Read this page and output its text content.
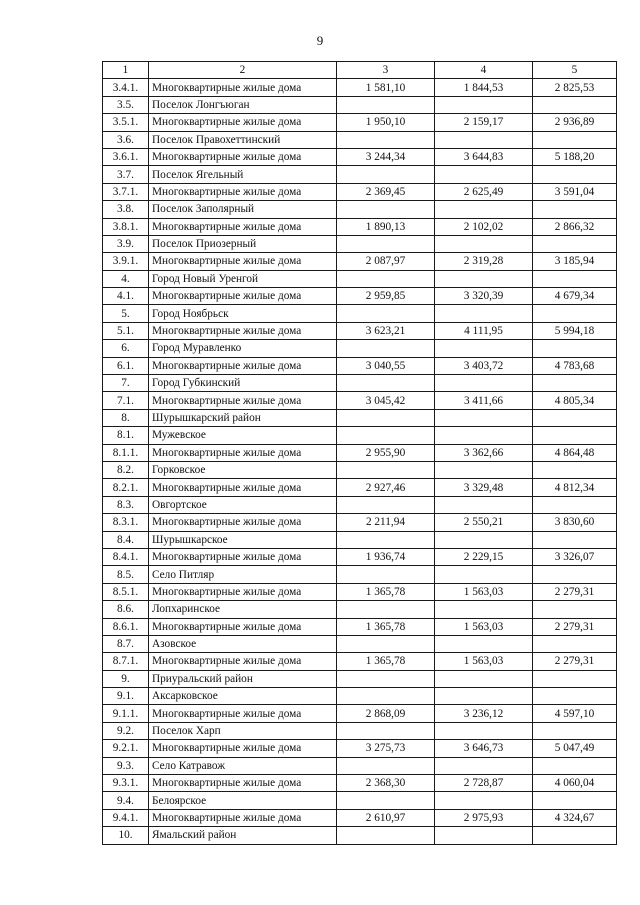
9
1	2	3	4	5
3.4.1.	Многоквартирные жилые дома	1 581,10	1 844,53	2 825,53
3.5.	Поселок Лонгъюган			
3.5.1.	Многоквартирные жилые дома	1 950,10	2 159,17	2 936,89
3.6.	Поселок Правохеттинский			
3.6.1.	Многоквартирные жилые дома	3 244,34	3 644,83	5 188,20
3.7.	Поселок Ягельный			
3.7.1.	Многоквартирные жилые дома	2 369,45	2 625,49	3 591,04
3.8.	Поселок Заполярный			
3.8.1.	Многоквартирные жилые дома	1 890,13	2 102,02	2 866,32
3.9.	Поселок Приозерный			
3.9.1.	Многоквартирные жилые дома	2 087,97	2 319,28	3 185,94
4.	Город Новый Уренгой			
4.1.	Многоквартирные жилые дома	2 959,85	3 320,39	4 679,34
5.	Город Ноябрьск			
5.1.	Многоквартирные жилые дома	3 623,21	4 111,95	5 994,18
6.	Город Муравленко			
6.1.	Многоквартирные жилые дома	3 040,55	3 403,72	4 783,68
7.	Город Губкинский			
7.1.	Многоквартирные жилые дома	3 045,42	3 411,66	4 805,34
8.	Шурышкарский район			
8.1.	Мужевское			
8.1.1.	Многоквартирные жилые дома	2 955,90	3 362,66	4 864,48
8.2.	Горковское			
8.2.1.	Многоквартирные жилые дома	2 927,46	3 329,48	4 812,34
8.3.	Овгортское			
8.3.1.	Многоквартирные жилые дома	2 211,94	2 550,21	3 830,60
8.4.	Шурышкарское			
8.4.1.	Многоквартирные жилые дома	1 936,74	2 229,15	3 326,07
8.5.	Село Питляр			
8.5.1.	Многоквартирные жилые дома	1 365,78	1 563,03	2 279,31
8.6.	Лопхаринское			
8.6.1.	Многоквартирные жилые дома	1 365,78	1 563,03	2 279,31
8.7.	Азовское			
8.7.1.	Многоквартирные жилые дома	1 365,78	1 563,03	2 279,31
9.	Приуральский район			
9.1.	Аксарковское			
9.1.1.	Многоквартирные жилые дома	2 868,09	3 236,12	4 597,10
9.2.	Поселок Харп			
9.2.1.	Многоквартирные жилые дома	3 275,73	3 646,73	5 047,49
9.3.	Село Катравож			
9.3.1.	Многоквартирные жилые дома	2 368,30	2 728,87	4 060,04
9.4.	Белоярское			
9.4.1.	Многоквартирные жилые дома	2 610,97	2 975,93	4 324,67
10.	Ямальский район			
